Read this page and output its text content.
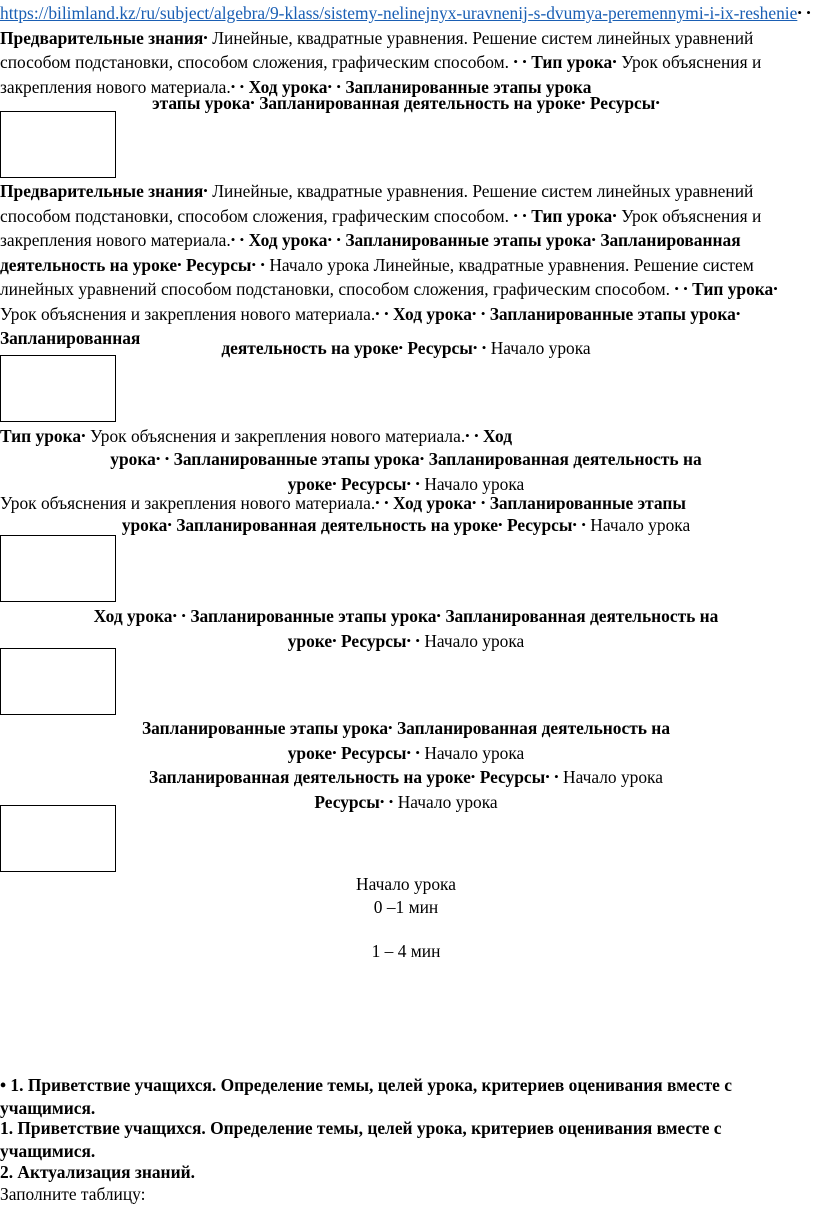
https://bilimland.kz/ru/subject/algebra/9-klass/sistemy-nelinejnyx-uravnenij-s-dvumya-peremennymi-i-ix-reshenie• • Предварительные знания• Линейные, квадратные уравнения. Решение систем линейных уравнений способом подстановки, способом сложения, графическим способом. • • Тип урока• Урок объяснения и закрепления нового материала.• • Ход урока• • Запланированные этапы урока

этапы урока• Запланированная деятельность на уроке• Ресурсы•

Предварительные знания• Линейные, квадратные уравнения. Решение систем линейных уравнений способом подстановки, способом сложения, графическим способом. • • Тип урока• Урок объяснения и закрепления нового материала.• • Ход урока• • Запланированные этапы урока• Запланированная деятельность на уроке• Ресурсы• • Начало урока Линейные, квадратные уравнения. Решение систем линейных уравнений способом подстановки, способом сложения, графическим способом. • • Тип урока• Урок объяснения и закрепления нового материала.• • Ход урока• • Запланированные этапы урока• Запланированная	деятельность на уроке• Ресурсы• • Начало урока

Тип урока• Урок объяснения и закрепления нового материала.• • Ход

урока• • Запланированные этапы урока• Запланированная деятельность на
уроке• Ресурсы• • Начало урока

Урок объяснения и закрепления нового материала.• • Ход урока• • Запланированные этапы

урока• Запланированная деятельность на уроке• Ресурсы• • Начало урока

Ход урока• • Запланированные этапы урока• Запланированная деятельность на
уроке• Ресурсы• • Начало урока

Запланированные этапы урока• Запланированная деятельность на
уроке• Ресурсы• • Начало урока
Запланированная деятельность на уроке• Ресурсы• • Начало урока
Ресурсы• • Начало урока

Начало урока

0 –1 мин

1 – 4 мин

• 1. Приветствие учащихся. Определение темы, целей урока, критериев оценивания вместе с учащимися.

1. Приветствие учащихся. Определение темы, целей урока, критериев оценивания вместе с учащимися.

2. Актуализация знаний.

Заполните таблицу:
